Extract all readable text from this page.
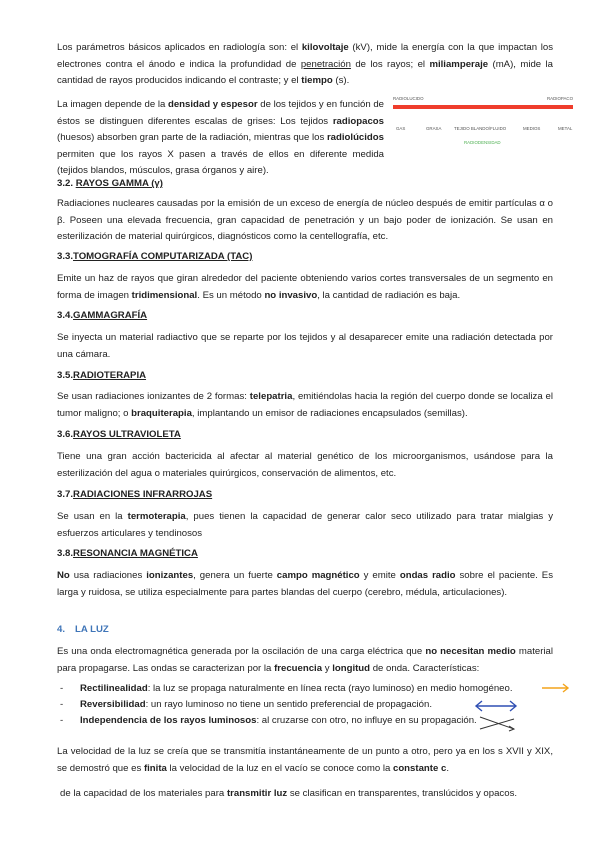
Los parámetros básicos aplicados en radiología son: el kilovoltaje (kV), mide la energía con la que impactan los electrones contra el ánodo e indica la profundidad de penetración de los rayos; el miliamperaje (mA), mide la cantidad de rayos producidos indicando el contraste; y el tiempo (s).

La imagen depende de la densidad y espesor de los tejidos y en función de éstos se distinguen diferentes escalas de grises: Los tejidos radiopacos (huesos) absorben gran parte de la radiación, mientras que los radiolúcidos permiten que los rayos X pasen a través de ellos en diferente medida (tejidos blandos, músculos, grasa órganos y aire).

RADIOLUCIDO	RADIOPACO
GAS	GRASA	TEJIDO BLANDO/FLUIDO	MEDIOS	METAL
RADIODENSIDAD

3.2. RAYOS GAMMA (γ)

Radiaciones nucleares causadas por la emisión de un exceso de energía de núcleo después de emitir partículas α o β. Poseen una elevada frecuencia, gran capacidad de penetración y un bajo poder de ionización. Se usan en esterilización de material quirúrgicos, diagnósticos como la centellografía, etc.

3.3.TOMOGRAFÍA COMPUTARIZADA (TAC)

Emite un haz de rayos que giran alrededor del paciente obteniendo varios cortes transversales de un segmento en forma de imagen tridimensional. Es un método no invasivo, la cantidad de radiación es baja.

3.4.GAMMAGRAFÍA

Se inyecta un material radiactivo que se reparte por los tejidos y al desaparecer emite una radiación detectada por una cámara.

3.5.RADIOTERAPIA

Se usan radiaciones ionizantes de 2 formas: telepatria, emitiéndolas hacia la región del cuerpo donde se localiza el tumor maligno; o braquiterapia, implantando un emisor de radiaciones encapsulados (semillas).

3.6.RAYOS ULTRAVIOLETA

Tiene una gran acción bactericida al afectar al material genético de los microorganismos, usándose para la esterilización del agua o materiales quirúrgicos, conservación de alimentos, etc.

3.7.RADIACIONES INFRARROJAS

Se usan en la termoterapia, pues tienen la capacidad de generar calor seco utilizado para tratar mialgias y esfuerzos articulares y tendinosos

3.8.RESONANCIA MAGNÉTICA

No usa radiaciones ionizantes, genera un fuerte campo magnético y emite ondas radio sobre el paciente. Es larga y ruidosa, se utiliza especialmente para partes blandas del cuerpo (cerebro, médula, articulaciones).

4. LA LUZ

Es una onda electromagnética generada por la oscilación de una carga eléctrica que no necesitan medio material para propagarse. Las ondas se caracterizan por la frecuencia y longitud de onda. Características:

- Rectilinealidad: la luz se propaga naturalmente en línea recta (rayo luminoso) en medio homogéneo.
- Reversibilidad: un rayo luminoso no tiene un sentido preferencial de propagación.
- Independencia de los rayos luminosos: al cruzarse con otro, no influye en su propagación.

La velocidad de la luz se creía que se transmitía instantáneamente de un punto a otro, pero ya en los s XVII y XIX, se demostró que es finita la velocidad de la luz en el vacío se conoce como la constante c.

de la capacidad de los materiales para transmitir luz se clasifican en transparentes, translúcidos y opacos.
